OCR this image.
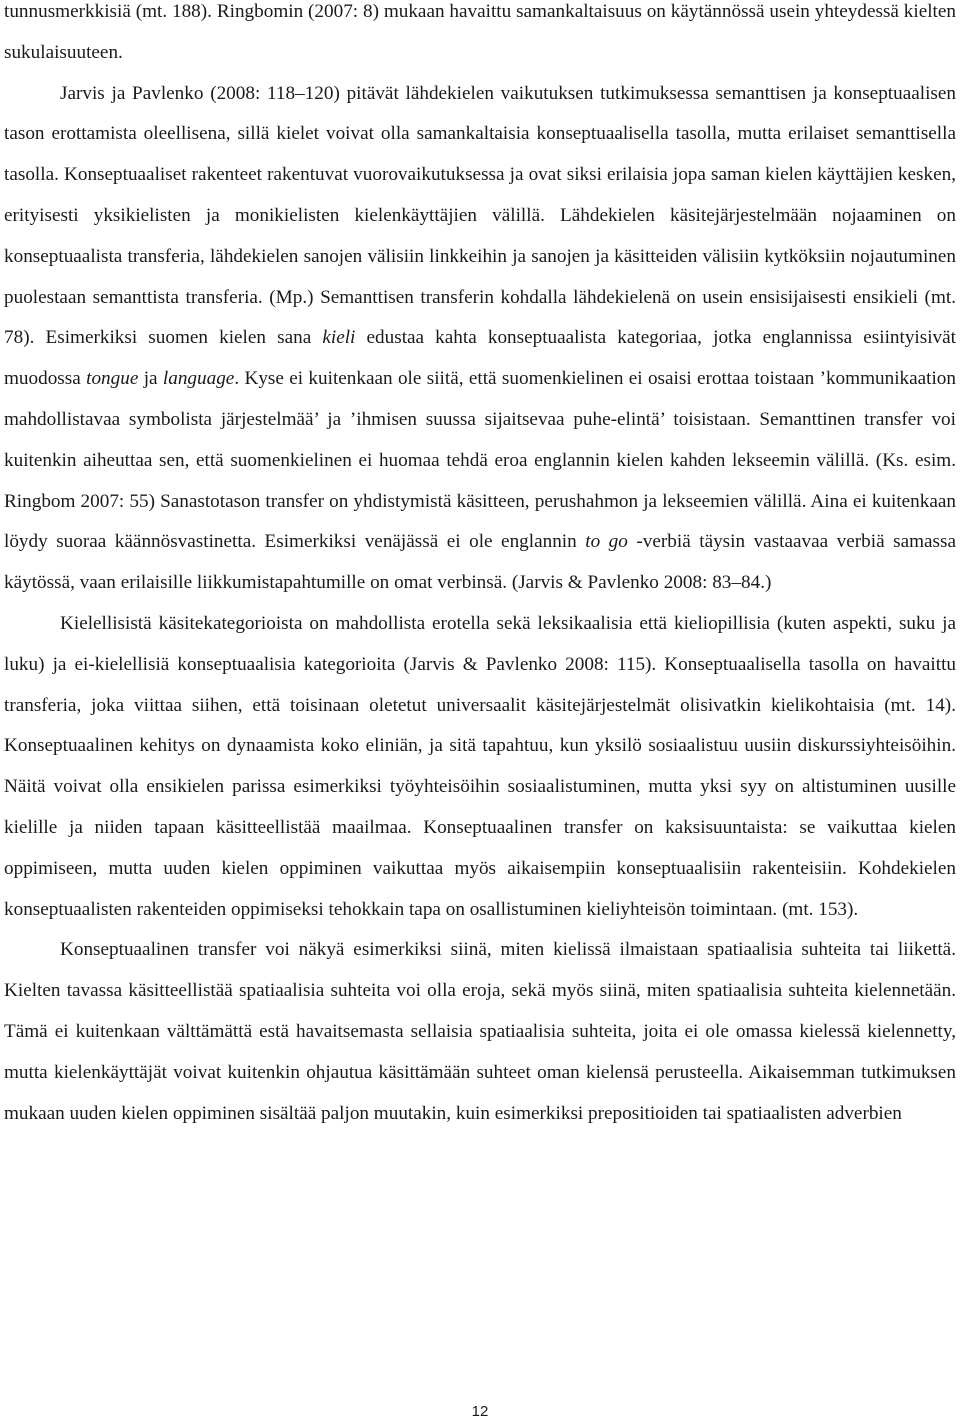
tunnusmerkkisiä (mt. 188). Ringbomin (2007: 8) mukaan havaittu samankaltaisuus on käytännössä usein yhteydessä kielten sukulaisuuteen.

Jarvis ja Pavlenko (2008: 118–120) pitävät lähdekielen vaikutuksen tutkimuksessa semanttisen ja konseptuaalisen tason erottamista oleellisena, sillä kielet voivat olla samankaltaisia konseptuaalisella tasolla, mutta erilaiset semanttisella tasolla. Konseptuaaliset rakenteet rakentuvat vuorovaikutuksessa ja ovat siksi erilaisia jopa saman kielen käyttäjien kesken, erityisesti yksikielisten ja monikielisten kielenkäyttäjien välillä. Lähdekielen käsitejärjestelmään nojaaminen on konseptuaalista transferia, lähdekielen sanojen välisiin linkkeihin ja sanojen ja käsitteiden välisiin kytköksiin nojautuminen puolestaan semanttista transferia. (Mp.) Semanttisen transferin kohdalla lähdekielenä on usein ensisijaisesti ensikieli (mt. 78). Esimerkiksi suomen kielen sana kieli edustaa kahta konseptuaalista kategoriaa, jotka englannissa esiintyisivät muodossa tongue ja language. Kyse ei kuitenkaan ole siitä, että suomenkielinen ei osaisi erottaa toistaan ’kommunikaation mahdollistavaa symbolista järjestelmää’ ja ’ihmisen suussa sijaitsevaa puhe-elintä’ toisistaan. Semanttinen transfer voi kuitenkin aiheuttaa sen, että suomenkielinen ei huomaa tehdä eroa englannin kielen kahden lekseemin välillä. (Ks. esim. Ringbom 2007: 55) Sanastotason transfer on yhdistymistä käsitteen, perushahmon ja lekseemien välillä. Aina ei kuitenkaan löydy suoraa käännösvastinetta. Esimerkiksi venäjässä ei ole englannin to go -verbiä täysin vastaavaa verbiä samassa käytössä, vaan erilaisille liikkumistapahtumille on omat verbinsä. (Jarvis & Pavlenko 2008: 83–84.)

Kielellisistä käsitekategorioista on mahdollista erotella sekä leksikaalisia että kieliopillisia (kuten aspekti, suku ja luku) ja ei-kielellisiä konseptuaalisia kategorioita (Jarvis & Pavlenko 2008: 115). Konseptuaalisella tasolla on havaittu transferia, joka viittaa siihen, että toisinaan oletetut universaalit käsitejärjestelmät olisivatkin kielikohtaisia (mt. 14). Konseptuaalinen kehitys on dynaamista koko eliniän, ja sitä tapahtuu, kun yksilö sosiaalistuu uusiin diskurssiyhteisöihin. Näitä voivat olla ensikielen parissa esimerkiksi työyhteisöihin sosiaalistuminen, mutta yksi syy on altistuminen uusille kielille ja niiden tapaan käsitteellistää maailmaa. Konseptuaalinen transfer on kaksisuuntaista: se vaikuttaa kielen oppimiseen, mutta uuden kielen oppiminen vaikuttaa myös aikaisempiin konseptuaalisiin rakenteisiin. Kohdekielen konseptuaalisten rakenteiden oppimiseksi tehokkain tapa on osallistuminen kieliyhteisön toimintaan. (mt. 153).

Konseptuaalinen transfer voi näkyä esimerkiksi siinä, miten kielissä ilmaistaan spatiaalisia suhteita tai liikettä. Kielten tavassa käsitteellistää spatiaalisia suhteita voi olla eroja, sekä myös siinä, miten spatiaalisia suhteita kielennetään. Tämä ei kuitenkaan välttämättä estä havaitsemasta sellaisia spatiaalisia suhteita, joita ei ole omassa kielessä kielennetty, mutta kielenkäyttäjät voivat kuitenkin ohjautua käsittämään suhteet oman kielensä perusteella. Aikaisemman tutkimuksen mukaan uuden kielen oppiminen sisältää paljon muutakin, kuin esimerkiksi prepositioiden tai spatiaalisten adverbien

12
